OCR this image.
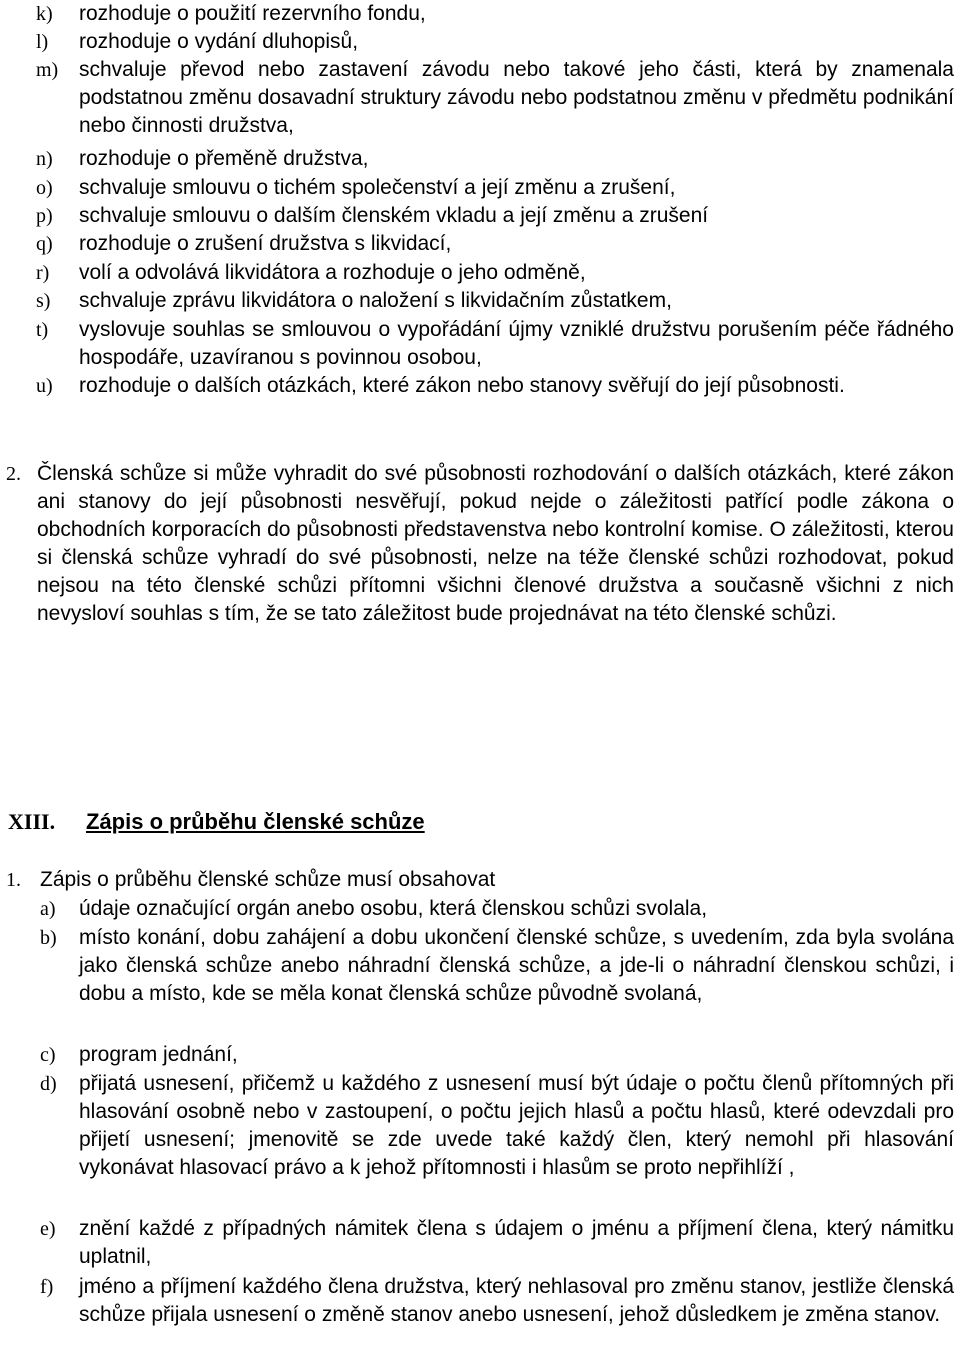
k) rozhoduje o použití rezervního fondu,
l) rozhoduje o vydání dluhopisů,
m) schvaluje převod nebo zastavení závodu nebo takové jeho části, která by znamenala podstatnou změnu dosavadní struktury závodu nebo podstatnou změnu v předmětu podnikání nebo činnosti družstva,
n) rozhoduje o přeměně družstva,
o) schvaluje smlouvu o tichém společenství a její změnu a zrušení,
p) schvaluje smlouvu o dalším členském vkladu a její změnu a zrušení
q) rozhoduje o zrušení družstva s likvidací,
r) volí a odvolává likvidátora a rozhoduje o jeho odměně,
s) schvaluje zprávu likvidátora o naložení s likvidačním zůstatkem,
t) vyslovuje souhlas se smlouvou o vypořádání újmy vzniklé družstvu porušením péče řádného hospodáře, uzavíranou s povinnou osobou,
u) rozhoduje o dalších otázkách, které zákon nebo stanovy svěřují do její působnosti.
2. Členská schůze si může vyhradit do své působnosti rozhodování o dalších otázkách, které zákon ani stanovy do její působnosti nesvěřují, pokud nejde o záležitosti patřící podle zákona o obchodních korporacích do působnosti představenstva nebo kontrolní komise. O záležitosti, kterou si členská schůze vyhradí do své působnosti, nelze na téže členské schůzi rozhodovat, pokud nejsou na této členské schůzi přítomni všichni členové družstva a současně všichni z nich nevysloví souhlas s tím, že se tato záležitost bude projednávat na této členské schůzi.
XIII. Zápis o průběhu členské schůze
1. Zápis o průběhu členské schůze musí obsahovat
a) údaje označující orgán anebo osobu, která členskou schůzi svolala,
b) místo konání, dobu zahájení a dobu ukončení členské schůze, s uvedením, zda byla svolána jako členská schůze anebo náhradní členská schůze, a jde-li o náhradní členskou schůzi, i dobu a místo, kde se měla konat členská schůze původně svolaná,
c) program jednání,
d) přijatá usnesení, přičemž u každého z usnesení musí být údaje o počtu členů přítomných při hlasování osobně nebo v zastoupení, o počtu jejich hlasů a počtu hlasů, které odevzdali pro přijetí usnesení; jmenovitě se zde uvede také každý člen, který nemohl při hlasování vykonávat hlasovací právo a k jehož přítomnosti i hlasům se proto nepřihlíží ,
e) znění každé z případných námitek člena s údajem o jménu a příjmení člena, který námitku uplatnil,
f) jméno a příjmení každého člena družstva, který nehlasoval pro změnu stanov, jestliže členská schůze přijala usnesení o změně stanov anebo usnesení, jehož důsledkem je změna stanov.
